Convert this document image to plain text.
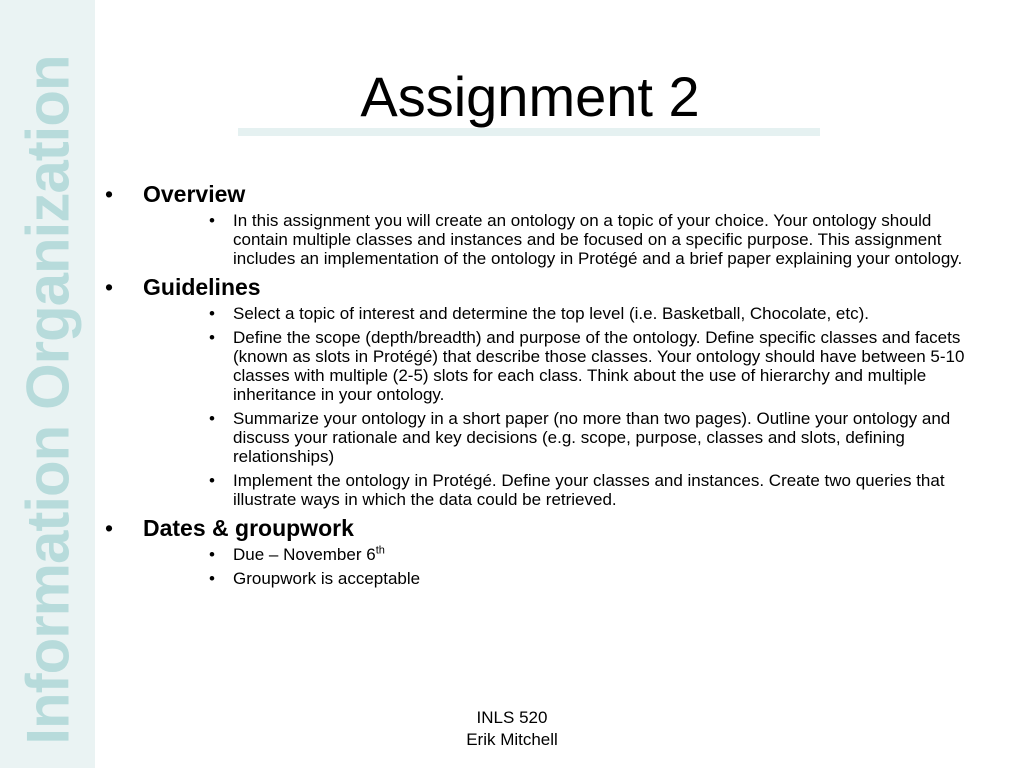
Information Organization	Assignment 2
• Overview
• In this assignment you will create an ontology on a topic of your choice. Your ontology should contain multiple classes and instances and be focused on a specific purpose. This assignment includes an implementation of the ontology in Protégé and a brief paper explaining your ontology.
• Guidelines
• Select a topic of interest and determine the top level (i.e. Basketball, Chocolate, etc).
• Define the scope (depth/breadth) and purpose of the ontology. Define specific classes and facets (known as slots in Protégé) that describe those classes. Your ontology should have between 5-10 classes with multiple (2-5) slots for each class. Think about the use of hierarchy and multiple inheritance in your ontology.
• Summarize your ontology in a short paper (no more than two pages). Outline your ontology and discuss your rationale and key decisions (e.g. scope, purpose, classes and slots, defining relationships)
• Implement the ontology in Protégé. Define your classes and instances. Create two queries that illustrate ways in which the data could be retrieved.
• Dates & groupwork
• Due – November 6th
• Groupwork is acceptable
INLS 520
Erik Mitchell
